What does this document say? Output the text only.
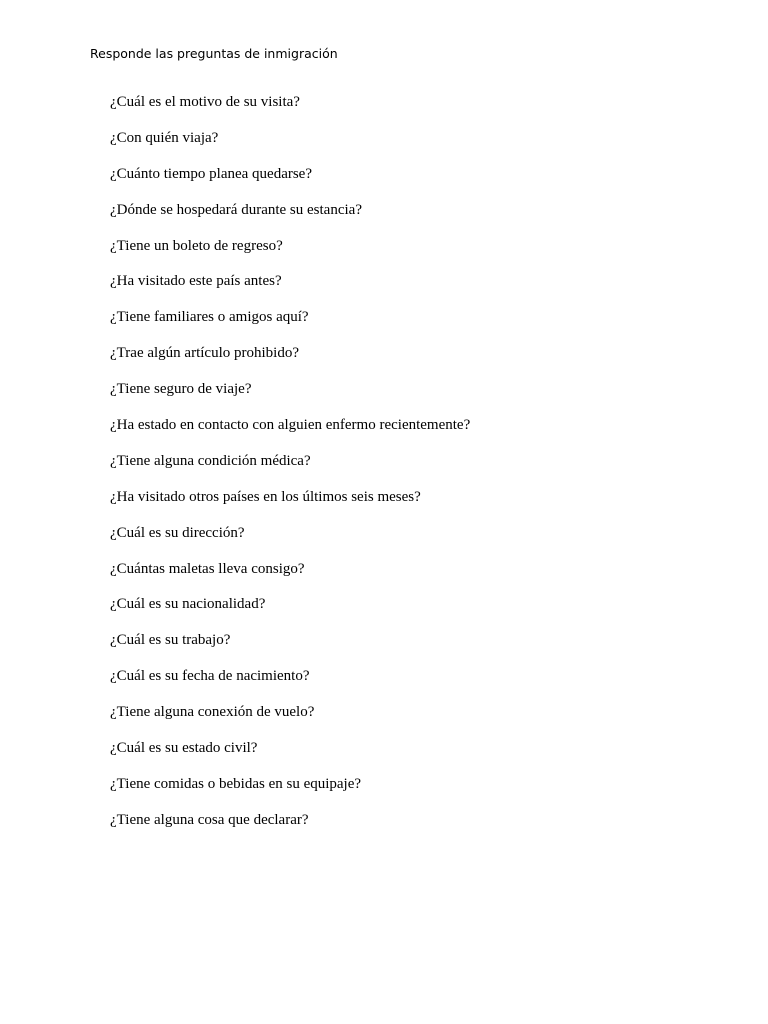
Responde las preguntas de inmigración
¿Cuál es el motivo de su visita?
¿Con quién viaja?
¿Cuánto tiempo planea quedarse?
¿Dónde se hospedará durante su estancia?
¿Tiene un boleto de regreso?
¿Ha visitado este país antes?
¿Tiene familiares o amigos aquí?
¿Trae algún artículo prohibido?
¿Tiene seguro de viaje?
¿Ha estado en contacto con alguien enfermo recientemente?
¿Tiene alguna condición médica?
¿Ha visitado otros países en los últimos seis meses?
¿Cuál es su dirección?
¿Cuántas maletas lleva consigo?
¿Cuál es su nacionalidad?
¿Cuál es su trabajo?
¿Cuál es su fecha de nacimiento?
¿Tiene alguna conexión de vuelo?
¿Cuál es su estado civil?
¿Tiene comidas o bebidas en su equipaje?
¿Tiene alguna cosa que declarar?
